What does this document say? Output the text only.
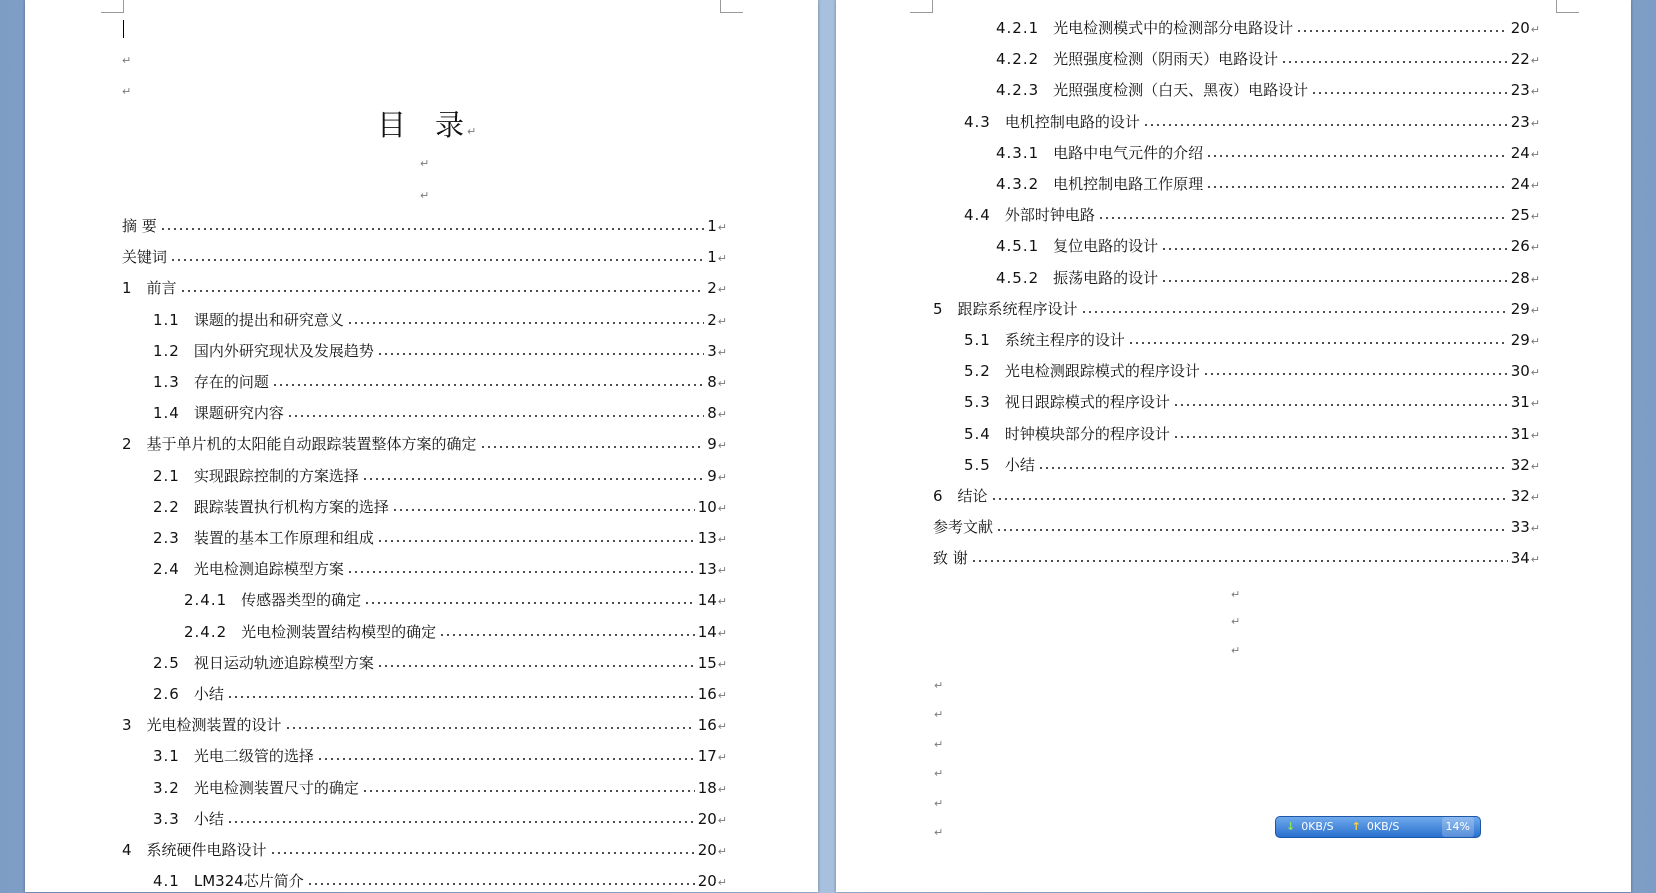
↵
↵
目　录 ↵
↵
↵
摘 要	1 ↵
关键词	1 ↵
1 前言	2 ↵
1.1 课题的提出和研究意义	2 ↵
1.2 国内外研究现状及发展趋势	3 ↵
1.3 存在的问题	8 ↵
1.4 课题研究内容	8 ↵
2 基于单片机的太阳能自动跟踪装置整体方案的确定	9 ↵
2.1 实现跟踪控制的方案选择	9 ↵
2.2 跟踪装置执行机构方案的选择	10 ↵
2.3 装置的基本工作原理和组成	13 ↵
2.4 光电检测追踪模型方案	13 ↵
2.4.1 传感器类型的确定	14 ↵
2.4.2 光电检测装置结构模型的确定	14 ↵
2.5 视日运动轨迹追踪模型方案	15 ↵
2.6 小结	16 ↵
3 光电检测装置的设计	16 ↵
3.1 光电二级管的选择	17 ↵
3.2 光电检测装置尺寸的确定	18 ↵
3.3 小结	20 ↵
4 系统硬件电路设计	20 ↵
4.1 LM324芯片简介	20 ↵
4.2.1 光电检测模式中的检测部分电路设计	20 ↵
4.2.2 光照强度检测（阴雨天）电路设计	22 ↵
4.2.3 光照强度检测（白天、黑夜）电路设计	23 ↵
4.3 电机控制电路的设计	23 ↵
4.3.1 电路中电气元件的介绍	24 ↵
4.3.2 电机控制电路工作原理	24 ↵
4.4 外部时钟电路	25 ↵
4.5.1 复位电路的设计	26 ↵
4.5.2 振荡电路的设计	28 ↵
5 跟踪系统程序设计	29 ↵
5.1 系统主程序的设计	29 ↵
5.2 光电检测跟踪模式的程序设计	30 ↵
5.3 视日跟踪模式的程序设计	31 ↵
5.4 时钟模块部分的程序设计	31 ↵
5.5 小结	32 ↵
6 结论	32 ↵
参考文献	33 ↵
致 谢	34 ↵
↵
↵
↵
↵
↵
↵
↵
↵
↵	↓ 0KB/S ↑ 0KB/S	14%
